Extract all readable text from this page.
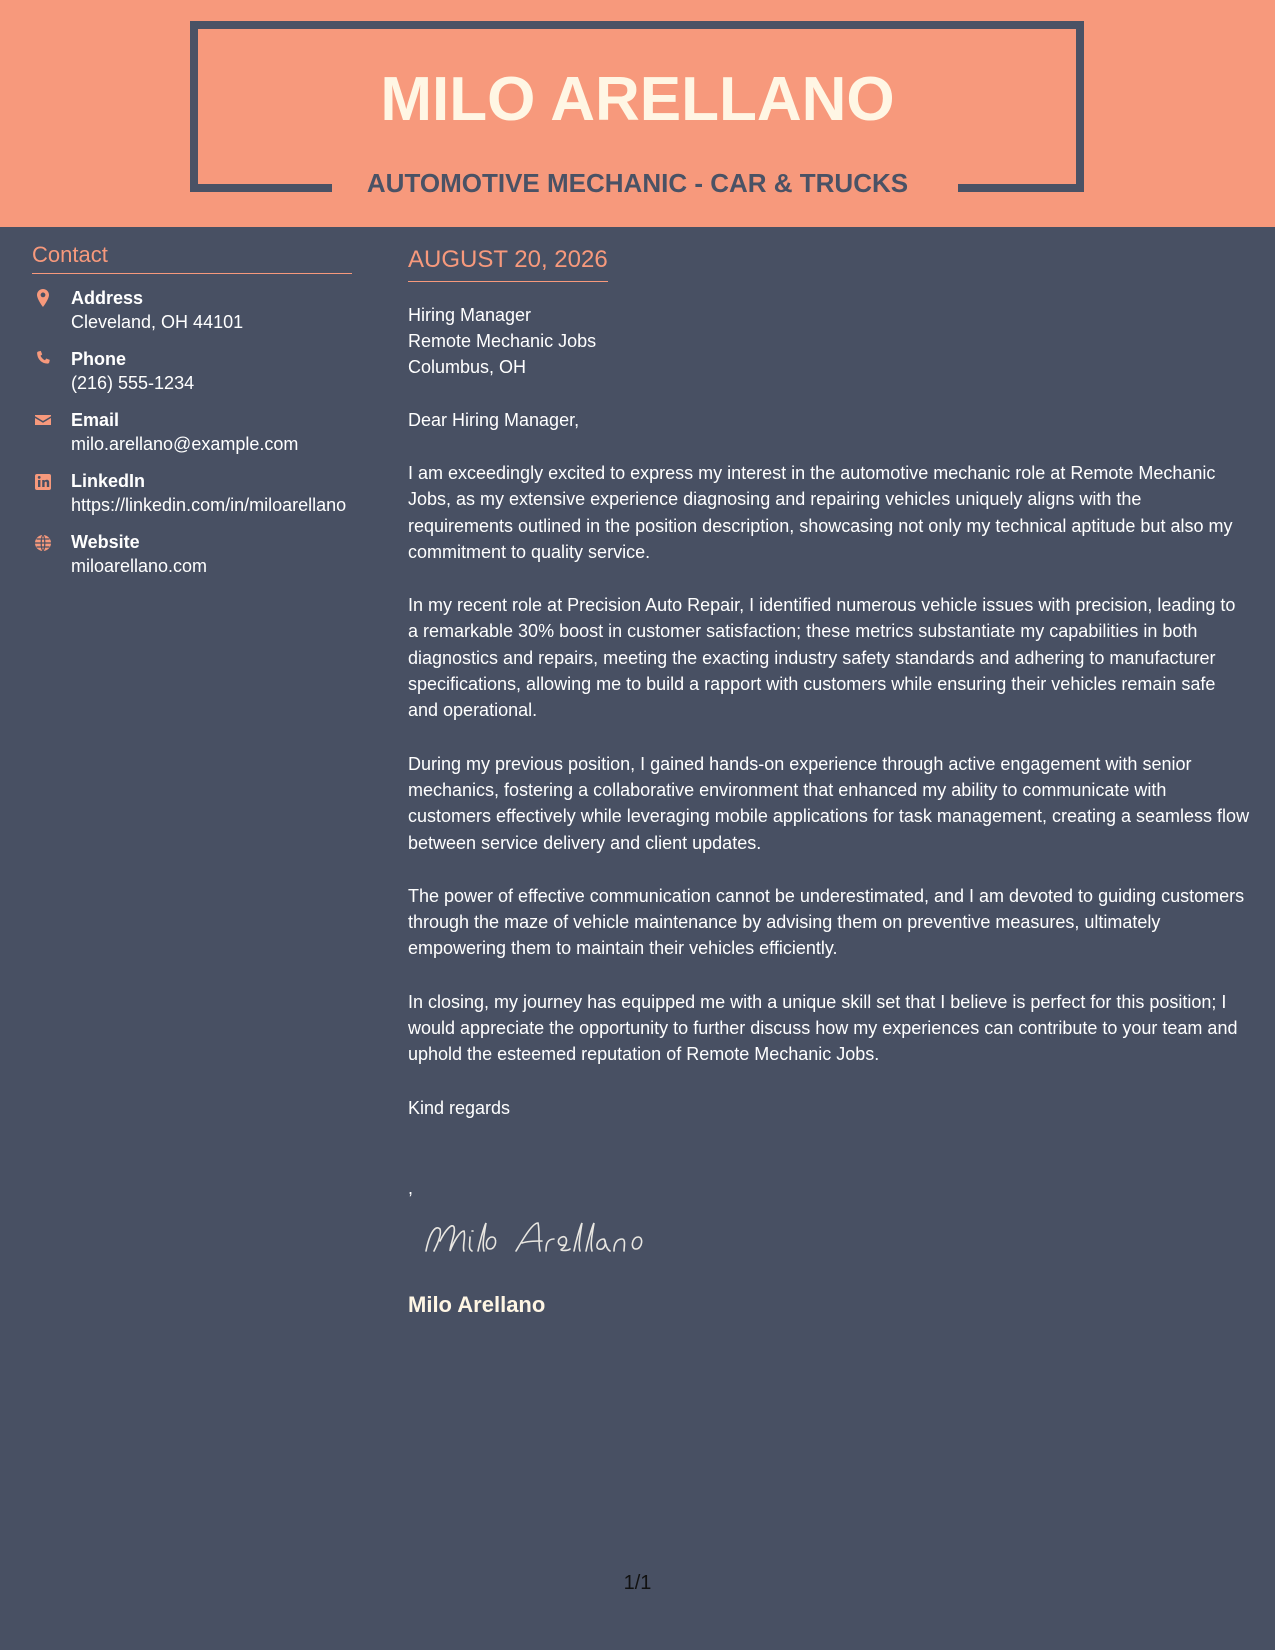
MILO ARELLANO
AUTOMOTIVE MECHANIC - CAR & TRUCKS
Contact
Address
Cleveland, OH 44101
Phone
(216) 555-1234
Email
milo.arellano@example.com
LinkedIn
https://linkedin.com/in/miloarellano
Website
miloarellano.com
AUGUST 20, 2026
Hiring Manager
Remote Mechanic Jobs
Columbus, OH
Dear Hiring Manager,
I am exceedingly excited to express my interest in the automotive mechanic role at Remote Mechanic Jobs, as my extensive experience diagnosing and repairing vehicles uniquely aligns with the requirements outlined in the position description, showcasing not only my technical aptitude but also my commitment to quality service.
In my recent role at Precision Auto Repair, I identified numerous vehicle issues with precision, leading to a remarkable 30% boost in customer satisfaction; these metrics substantiate my capabilities in both diagnostics and repairs, meeting the exacting industry safety standards and adhering to manufacturer specifications, allowing me to build a rapport with customers while ensuring their vehicles remain safe and operational.
During my previous position, I gained hands-on experience through active engagement with senior mechanics, fostering a collaborative environment that enhanced my ability to communicate with customers effectively while leveraging mobile applications for task management, creating a seamless flow between service delivery and client updates.
The power of effective communication cannot be underestimated, and I am devoted to guiding customers through the maze of vehicle maintenance by advising them on preventive measures, ultimately empowering them to maintain their vehicles efficiently.
In closing, my journey has equipped me with a unique skill set that I believe is perfect for this position; I would appreciate the opportunity to further discuss how my experiences can contribute to your team and uphold the esteemed reputation of Remote Mechanic Jobs.
Kind regards
,
Milo Arellano
1/1
